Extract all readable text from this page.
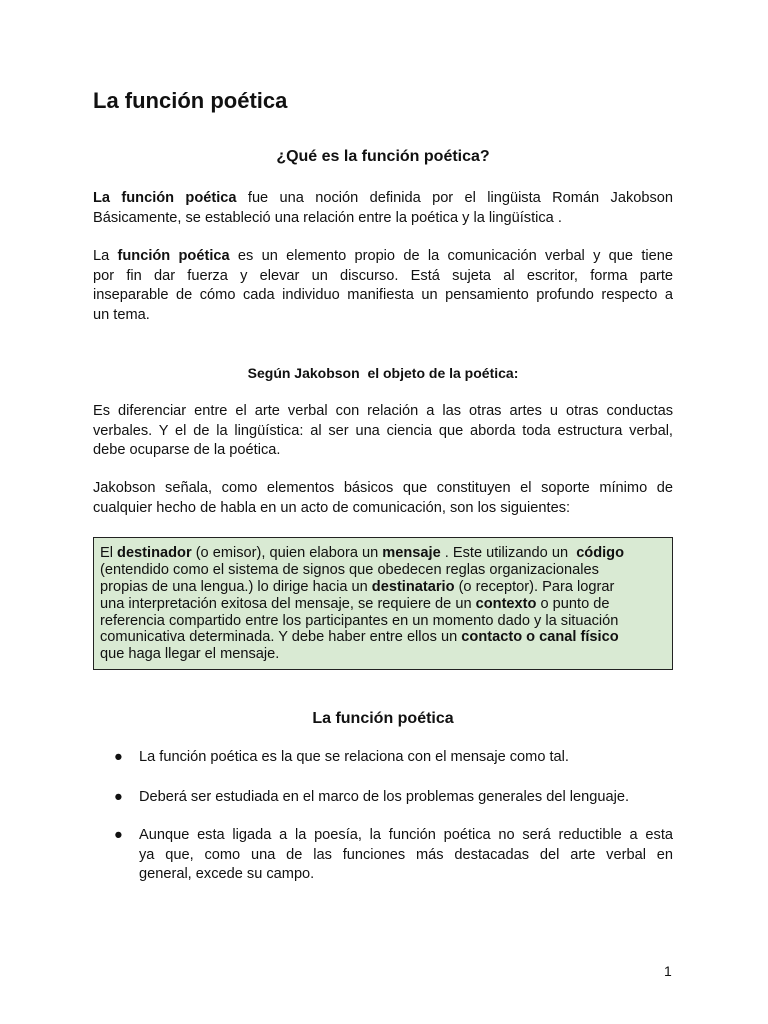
La función poética
¿Qué es la función poética?
La función poética fue una noción definida por el lingüista Román Jakobson
Básicamente, se estableció una relación entre la poética y la lingüística .
La función poética es un elemento propio de la comunicación verbal y que tiene
por fin dar fuerza y elevar un discurso. Está sujeta al escritor, forma parte
inseparable de cómo cada individuo manifiesta un pensamiento profundo respecto a
un tema.
Según Jakobson  el objeto de la poética:
Es diferenciar entre el arte verbal con relación a las otras artes u otras conductas
verbales. Y el de la lingüística: al ser una ciencia que aborda toda estructura verbal,
debe ocuparse de la poética.
Jakobson señala, como elementos básicos que constituyen el soporte mínimo de
cualquier hecho de habla en un acto de comunicación, son los siguientes:
El destinador (o emisor), quien elabora un mensaje . Este utilizando un  código
(entendido como el sistema de signos que obedecen reglas organizacionales
propias de una lengua.) lo dirige hacia un destinatario (o receptor). Para lograr
una interpretación exitosa del mensaje, se requiere de un contexto o punto de
referencia compartido entre los participantes en un momento dado y la situación
comunicativa determinada. Y debe haber entre ellos un contacto o canal físico
que haga llegar el mensaje.
La función poética
●	La función poética es la que se relaciona con el mensaje como tal.
●	Deberá ser estudiada en el marco de los problemas generales del lenguaje.
●	Aunque esta ligada a la poesía, la función poética no será reductible a esta
ya que, como una de las funciones más destacadas del arte verbal en
general, excede su campo.
1
